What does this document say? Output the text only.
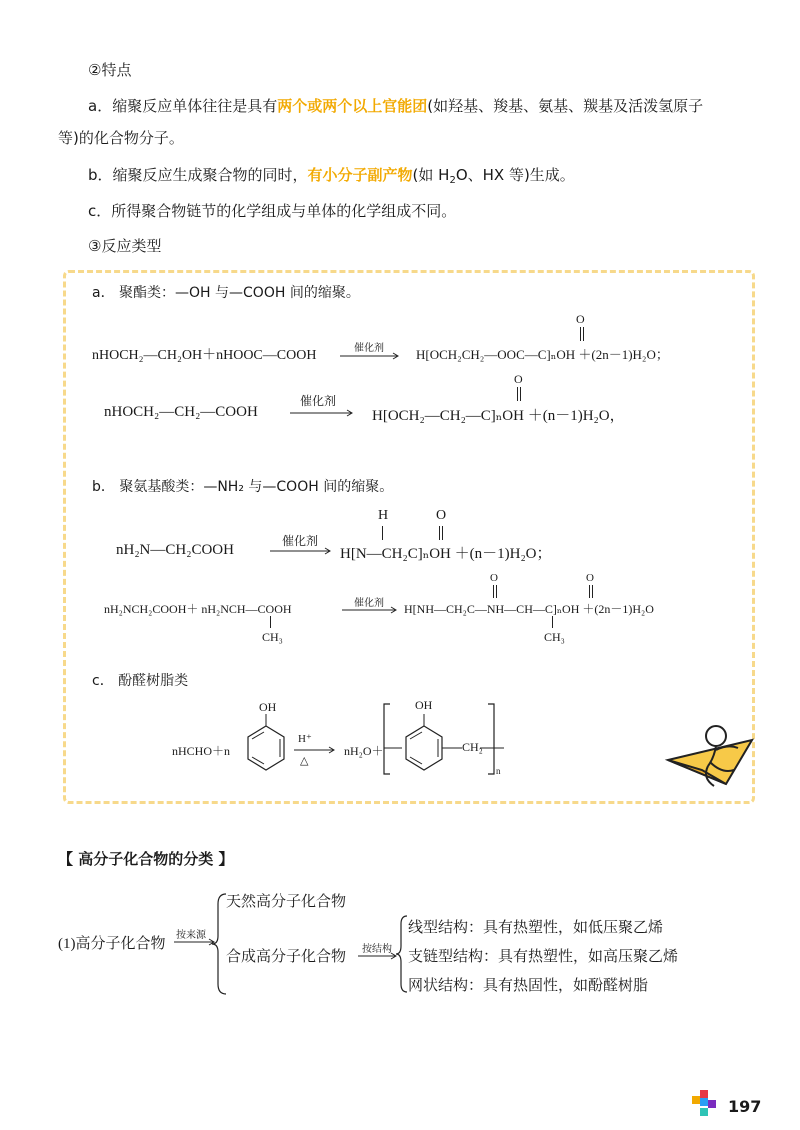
②特点
a．缩聚反应单体往往是具有两个或两个以上官能团(如羟基、羧基、氨基、羰基及活泼氢原子
等)的化合物分子。
b．缩聚反应生成聚合物的同时，有小分子副产物(如 $H_2O$、HX 等)生成。
c．所得聚合物链节的化学组成与单体的化学组成不同。
③反应类型
a． 聚酯类：—OH 与—COOH 间的缩聚。
nHOCH₂—CH₂OH＋nHOOC—COOH	催化剂
O
H[OCH₂CH₂—OOC—C]ₙOH ＋(2n－1)H₂O；
nHOCH₂—CH₂—COOH
催化剂
O
H[OCH₂—CH₂—C]ₙOH ＋(n－1)H₂O，
b． 聚氨基酸类：—NH₂ 与—COOH 间的缩聚。
H	O
nH₂N—CH₂COOH
催化剂
H[N—CH₂C]ₙOH ＋(n－1)H₂O；
nH₂NCH₂COOH＋ nH₂NCH—COOH
CH₃
催化剂
O	O
H[NH—CH₂C—NH—CH—C]ₙOH ＋(2n－1)H₂O
CH₃
c． 酚醛树脂类
nHCHO＋n
OH
H⁺
△
nH₂O＋
OH
CH₂
n
【 高分子化合物的分类 】
(1)高分子化合物
按来源
天然高分子化合物
合成高分子化合物 按结构
线型结构：具有热塑性，如低压聚乙烯
支链型结构：具有热塑性，如高压聚乙烯
网状结构：具有热固性，如酚醛树脂
197
